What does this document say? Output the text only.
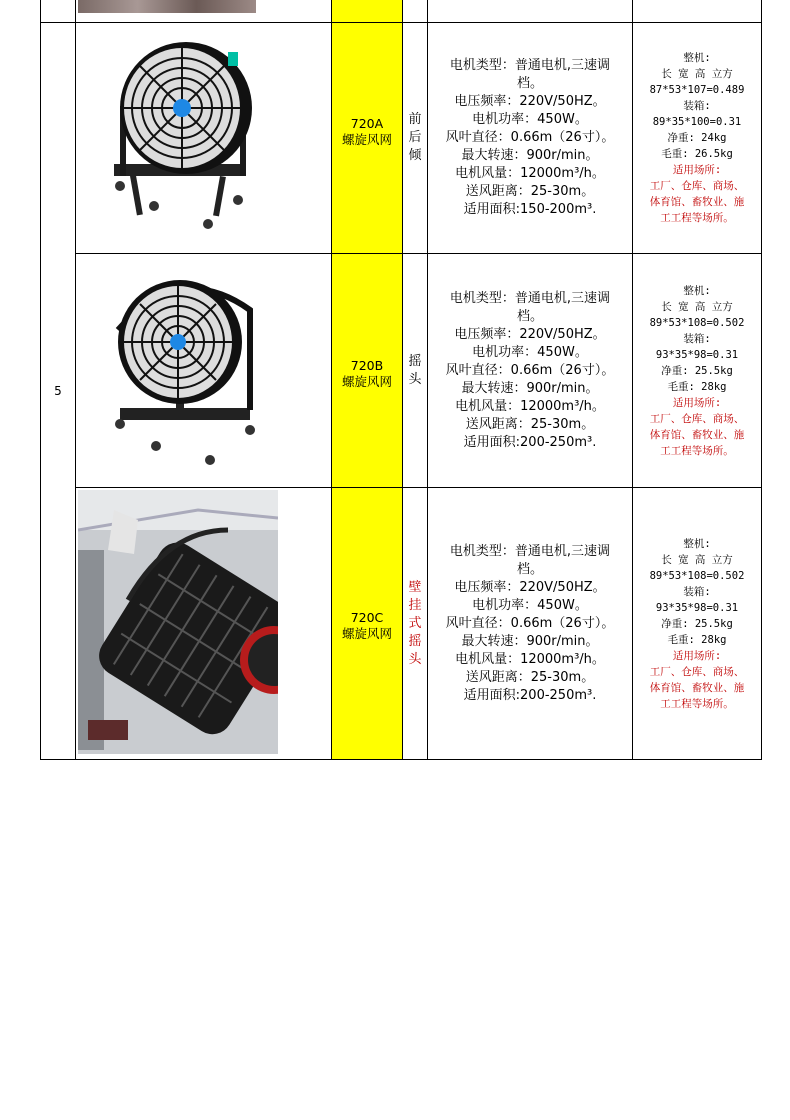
5
720A
螺旋风网
前
后
倾
电机类型：普通电机,三速调
档。
电压频率：220V/50HZ。
电机功率：450W。
风叶直径：0.66m（26寸）。
最大转速：900r/min。
电机风量：12000m³/h。
送风距离：25-30m。
适用面积:150-200m³.
整机:
长 宽 高 立方
87*53*107=0.489
装箱:
89*35*100=0.31
净重: 24kg
毛重: 26.5kg
适用场所:
工厂、仓库、商场、
体育馆、畜牧业、施
工工程等场所。
720B
螺旋风网
摇
头
电机类型：普通电机,三速调
档。
电压频率：220V/50HZ。
电机功率：450W。
风叶直径：0.66m（26寸）。
最大转速：900r/min。
电机风量：12000m³/h。
送风距离：25-30m。
适用面积:200-250m³.
整机:
长 宽 高 立方
89*53*108=0.502
装箱:
93*35*98=0.31
净重: 25.5kg
毛重: 28kg
适用场所:
工厂、仓库、商场、
体育馆、畜牧业、施
工工程等场所。
720C
螺旋风网
壁
挂
式
摇
头
电机类型：普通电机,三速调
档。
电压频率：220V/50HZ。
电机功率：450W。
风叶直径：0.66m（26寸）。
最大转速：900r/min。
电机风量：12000m³/h。
送风距离：25-30m。
适用面积:200-250m³.
整机:
长 宽 高 立方
89*53*108=0.502
装箱:
93*35*98=0.31
净重: 25.5kg
毛重: 28kg
适用场所:
工厂、仓库、商场、
体育馆、畜牧业、施
工工程等场所。
